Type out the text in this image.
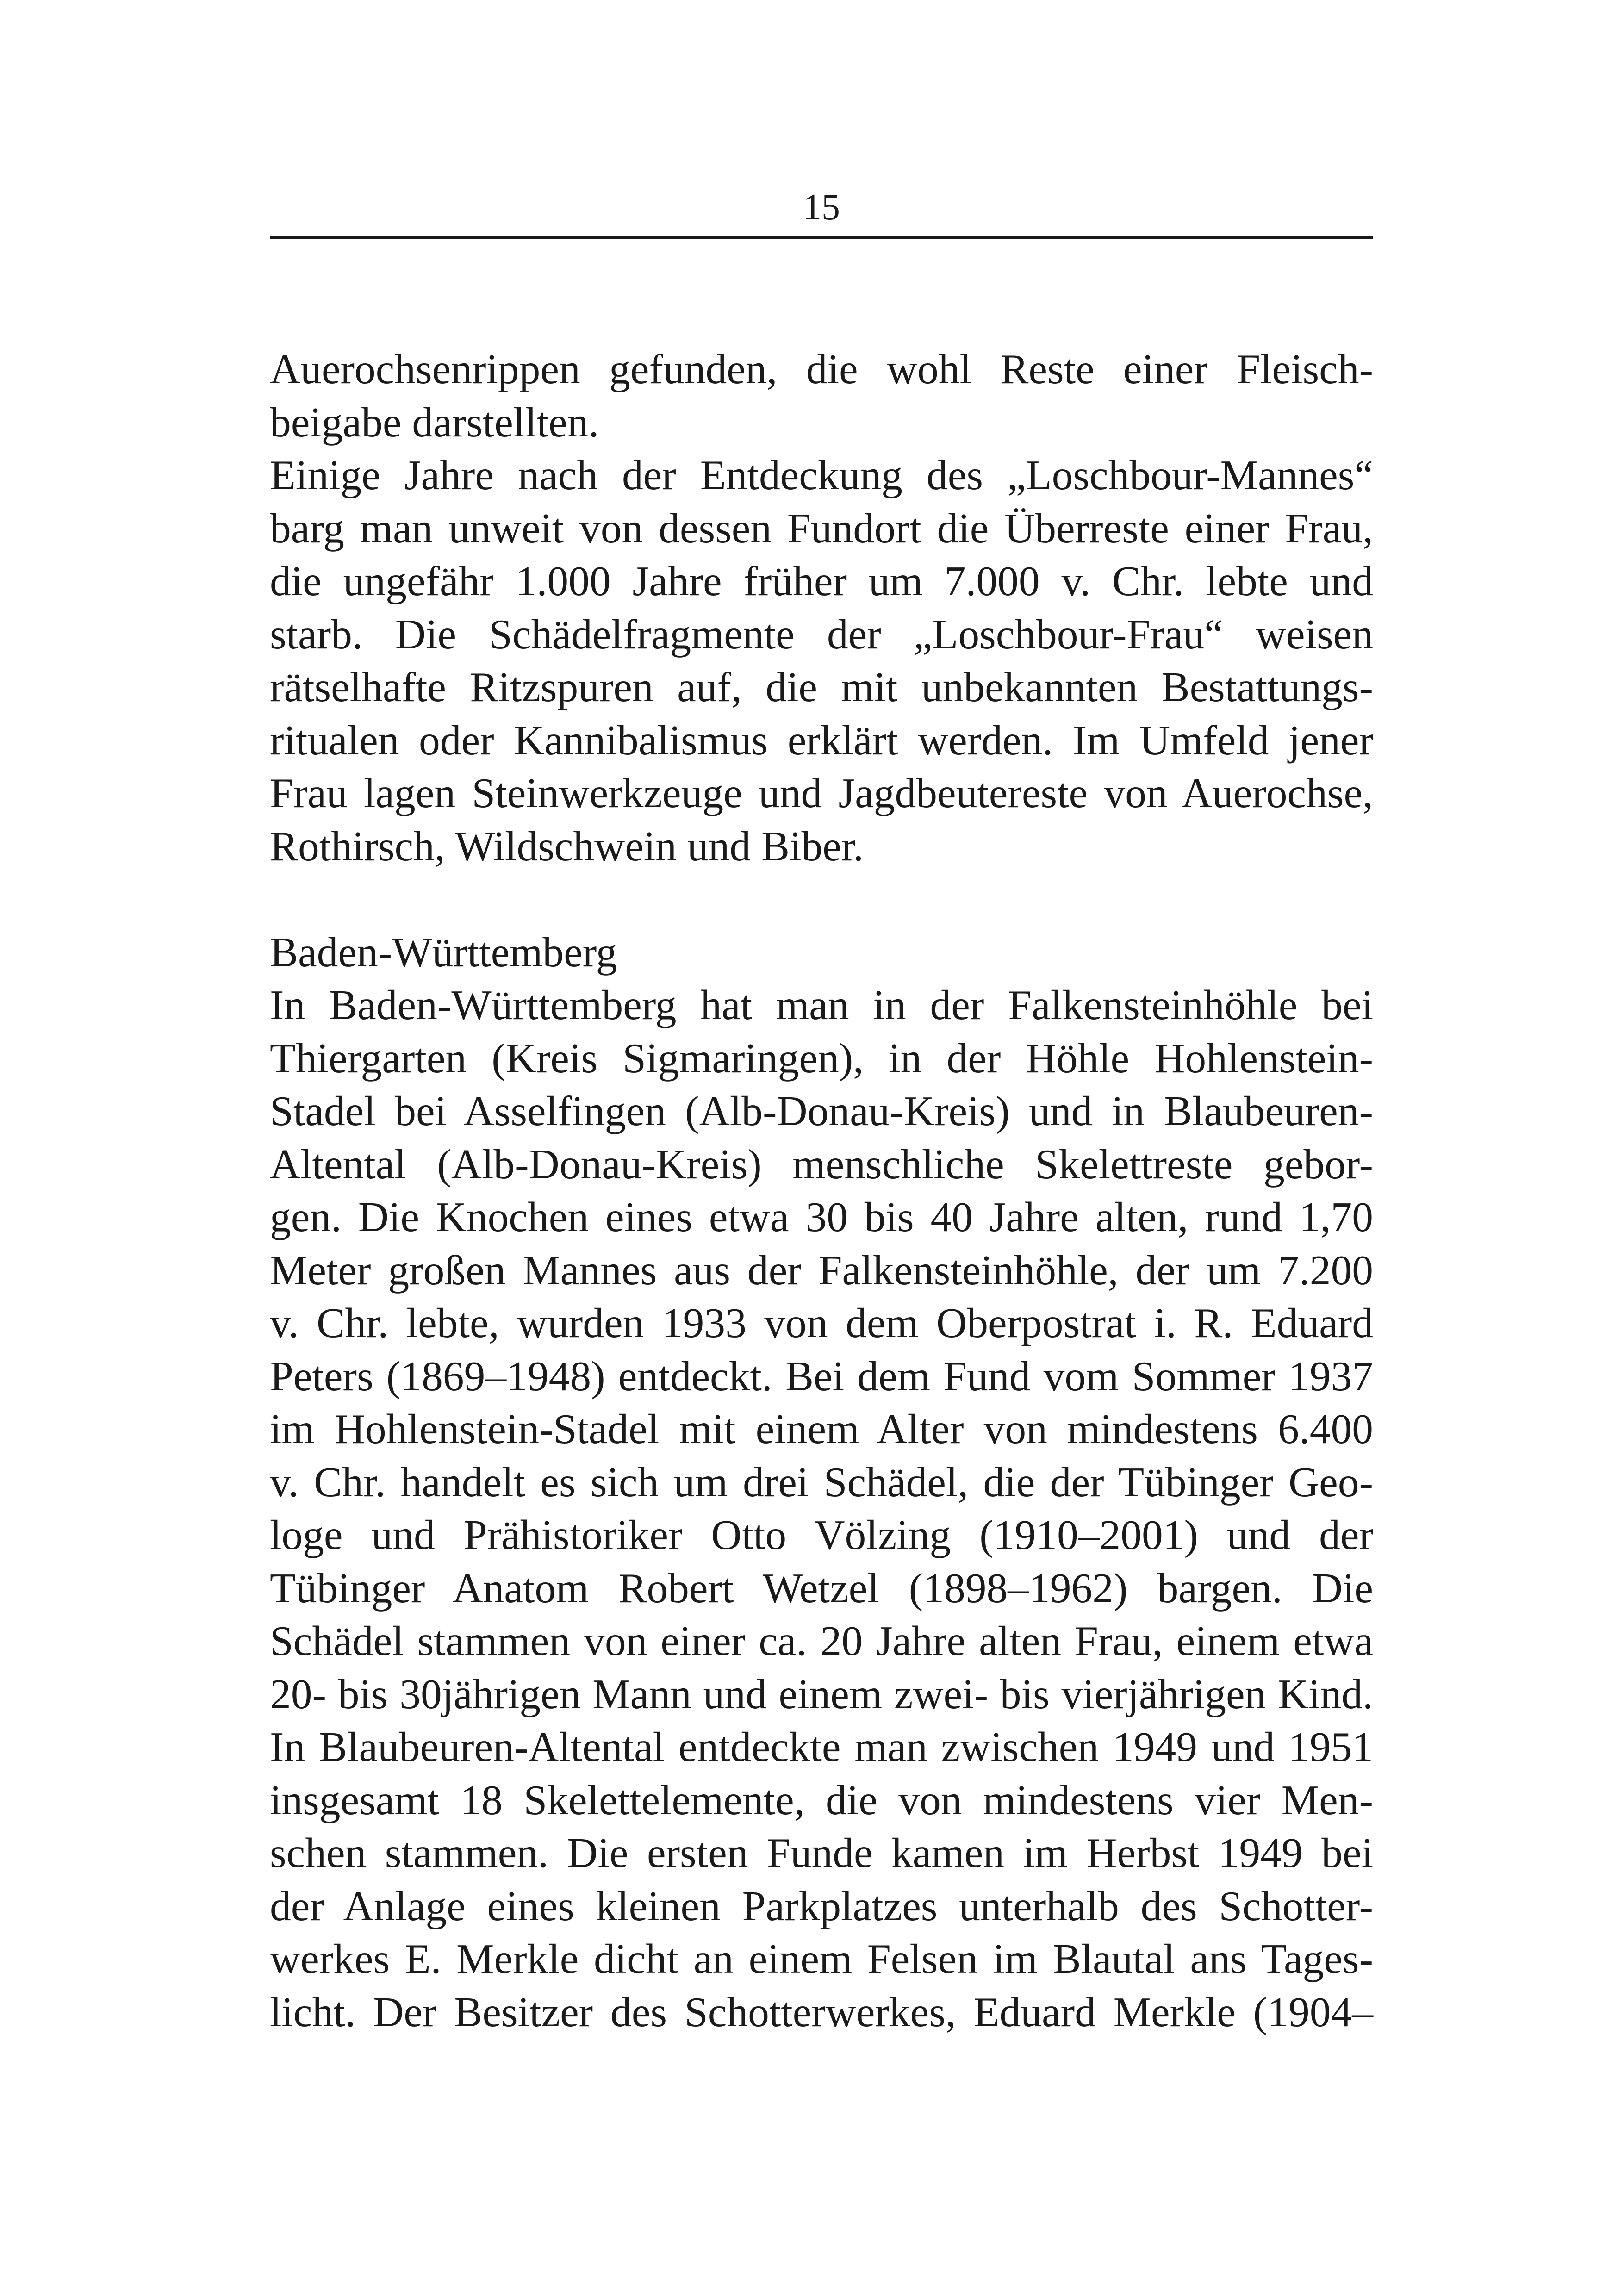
15
Auerochsenrippen gefunden, die wohl Reste einer Fleisch-
beigabe darstellten.
Einige Jahre nach der Entdeckung des „Loschbour-Mannes“
barg man unweit von dessen Fundort die Überreste einer Frau,
die ungefähr 1.000 Jahre früher um 7.000 v. Chr. lebte und
starb. Die Schädelfragmente der „Loschbour-Frau“ weisen
rätselhafte Ritzspuren auf, die mit unbekannten Bestattungs-
ritualen oder Kannibalismus erklärt werden. Im Umfeld jener
Frau lagen Steinwerkzeuge und Jagdbeutereste von Auerochse,
Rothirsch, Wildschwein und Biber.
Baden-Württemberg
In Baden-Württemberg hat man in der Falkensteinhöhle bei
Thiergarten (Kreis Sigmaringen), in der Höhle Hohlenstein-
Stadel bei Asselfingen (Alb-Donau-Kreis) und in Blaubeuren-
Altental (Alb-Donau-Kreis) menschliche Skelettreste gebor-
gen. Die Knochen eines etwa 30 bis 40 Jahre alten, rund 1,70
Meter großen Mannes aus der Falkensteinhöhle, der um 7.200
v. Chr. lebte, wurden 1933 von dem Oberpostrat i. R. Eduard
Peters (1869–1948) entdeckt. Bei dem Fund vom Sommer 1937
im Hohlenstein-Stadel mit einem Alter von mindestens 6.400
v. Chr. handelt es sich um drei Schädel, die der Tübinger Geo-
loge und Prähistoriker Otto Völzing (1910–2001) und der
Tübinger Anatom Robert Wetzel (1898–1962) bargen. Die
Schädel stammen von einer ca. 20 Jahre alten Frau, einem etwa
20- bis 30jährigen Mann und einem zwei- bis vierjährigen Kind.
In Blaubeuren-Altental entdeckte man zwischen 1949 und 1951
insgesamt 18 Skelettelemente, die von mindestens vier Men-
schen stammen. Die ersten Funde kamen im Herbst 1949 bei
der Anlage eines kleinen Parkplatzes unterhalb des Schotter-
werkes E. Merkle dicht an einem Felsen im Blautal ans Tages-
licht. Der Besitzer des Schotterwerkes, Eduard Merkle (1904–
